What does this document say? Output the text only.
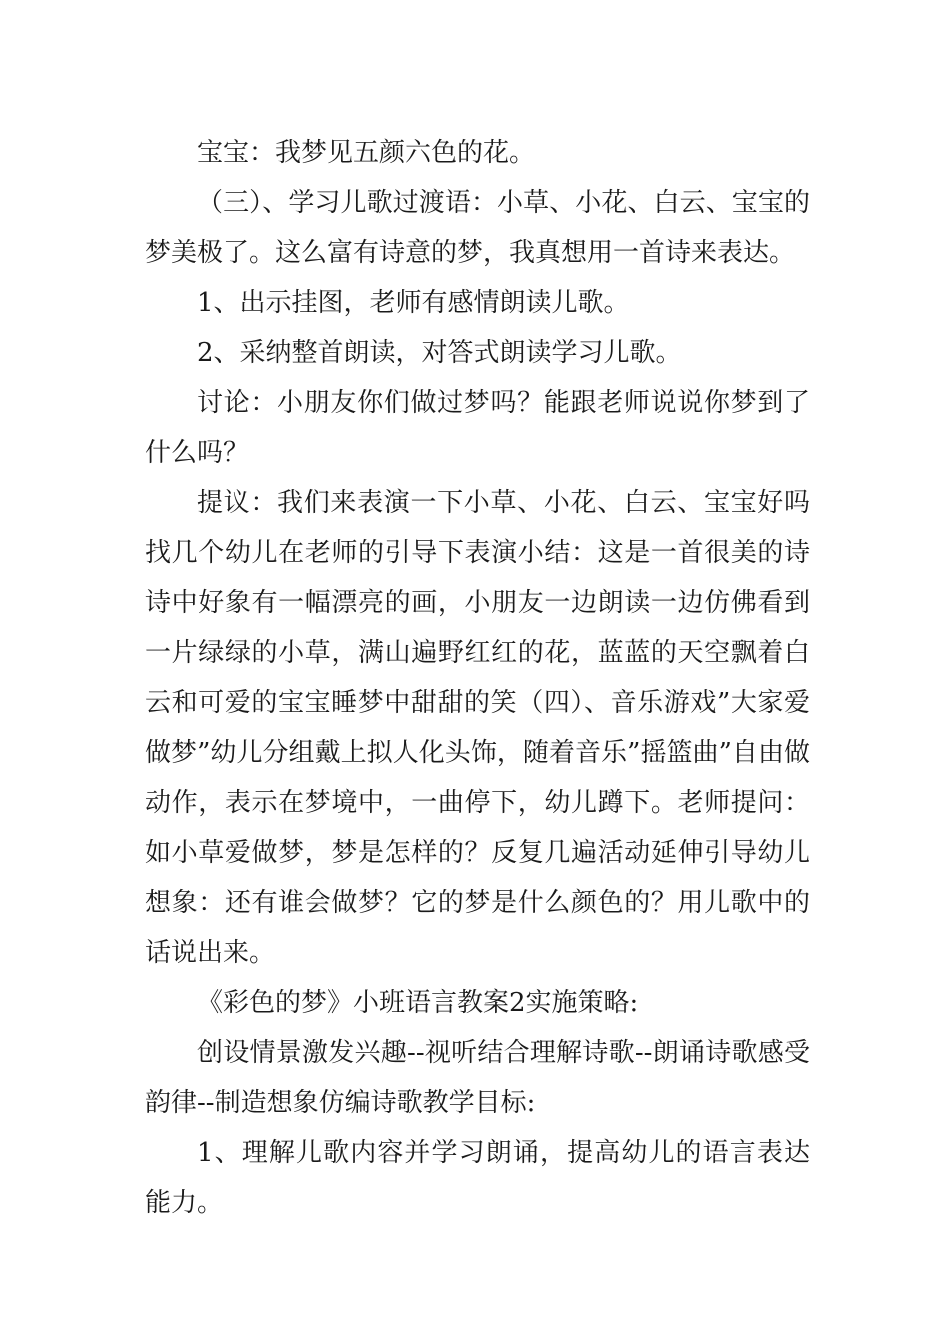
宝宝：我梦见五颜六色的花。

（三）、学习儿歌过渡语：小草、小花、白云、宝宝的梦美极了。这么富有诗意的梦，我真想用一首诗来表达。

1、出示挂图，老师有感情朗读儿歌。

2、采纳整首朗读，对答式朗读学习儿歌。

讨论：小朋友你们做过梦吗？能跟老师说说你梦到了什么吗？

提议：我们来表演一下小草、小花、白云、宝宝好吗找几个幼儿在老师的引导下表演小结：这是一首很美的诗诗中好象有一幅漂亮的画，小朋友一边朗读一边仿佛看到一片绿绿的小草，满山遍野红红的花，蓝蓝的天空飘着白云和可爱的宝宝睡梦中甜甜的笑（四）、音乐游戏”大家爱做梦”幼儿分组戴上拟人化头饰，随着音乐”摇篮曲”自由做动作，表示在梦境中，一曲停下，幼儿蹲下。老师提问：如小草爱做梦，梦是怎样的？反复几遍活动延伸引导幼儿想象：还有谁会做梦？它的梦是什么颜色的？用儿歌中的话说出来。

《彩色的梦》小班语言教案2实施策略:

创设情景激发兴趣--视听结合理解诗歌--朗诵诗歌感受韵律--制造想象仿编诗歌教学目标:

1、理解儿歌内容并学习朗诵，提高幼儿的语言表达能力。
